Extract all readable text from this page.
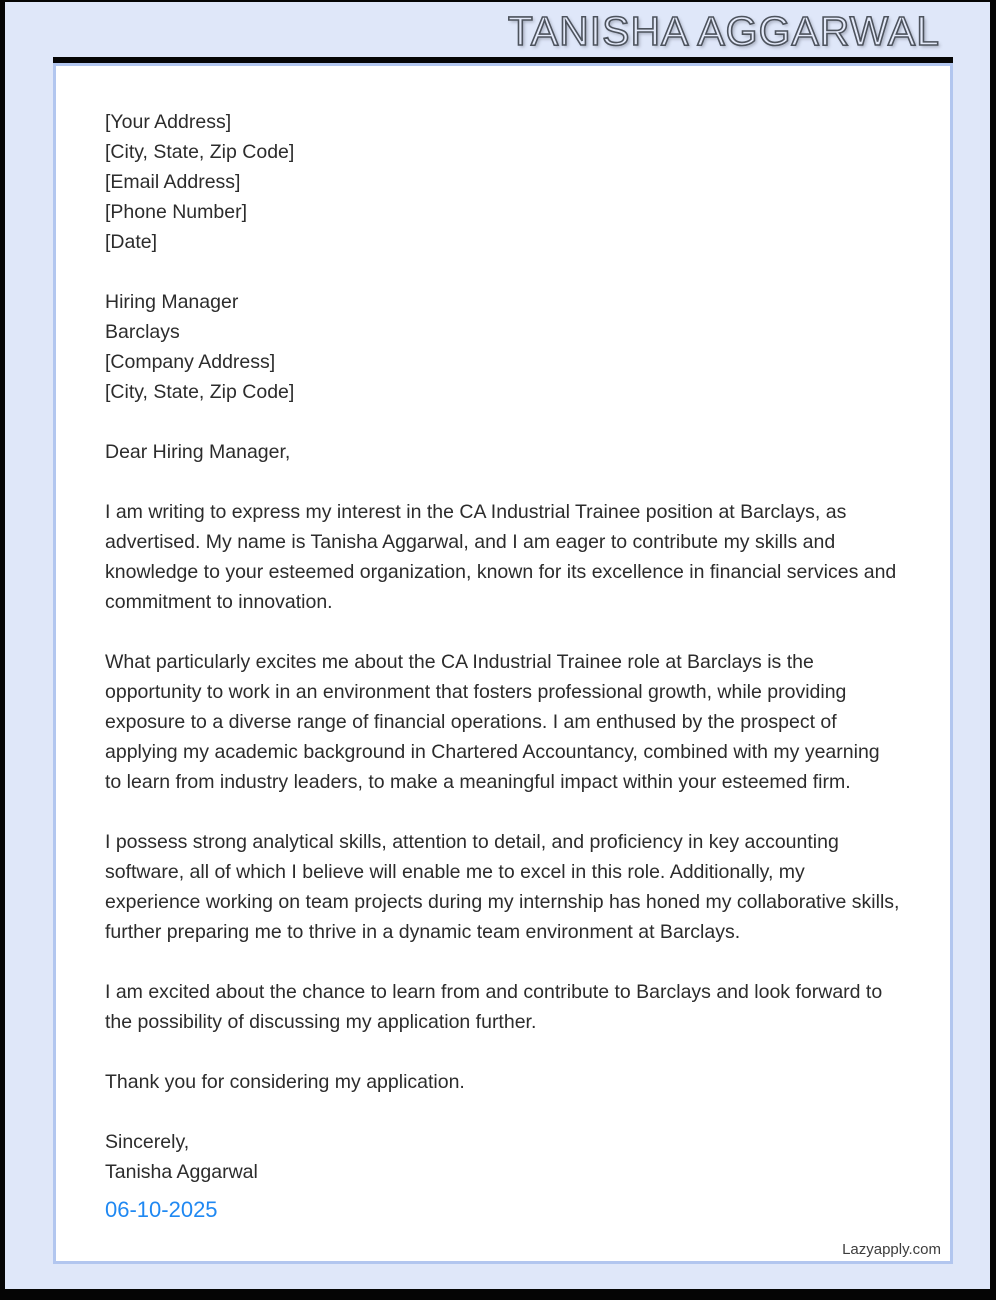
TANISHA AGGARWAL
[Your Address]
[City, State, Zip Code]
[Email Address]
[Phone Number]
[Date]
Hiring Manager
Barclays
[Company Address]
[City, State, Zip Code]
Dear Hiring Manager,

I am writing to express my interest in the CA Industrial Trainee position at Barclays, as advertised. My name is Tanisha Aggarwal, and I am eager to contribute my skills and knowledge to your esteemed organization, known for its excellence in financial services and commitment to innovation.

What particularly excites me about the CA Industrial Trainee role at Barclays is the opportunity to work in an environment that fosters professional growth, while providing exposure to a diverse range of financial operations. I am enthused by the prospect of applying my academic background in Chartered Accountancy, combined with my yearning to learn from industry leaders, to make a meaningful impact within your esteemed firm.

I possess strong analytical skills, attention to detail, and proficiency in key accounting software, all of which I believe will enable me to excel in this role. Additionally, my experience working on team projects during my internship has honed my collaborative skills, further preparing me to thrive in a dynamic team environment at Barclays.

I am excited about the chance to learn from and contribute to Barclays and look forward to the possibility of discussing my application further.

Thank you for considering my application.
Sincerely,
Tanisha Aggarwal
06-10-2025
Lazyapply.com
